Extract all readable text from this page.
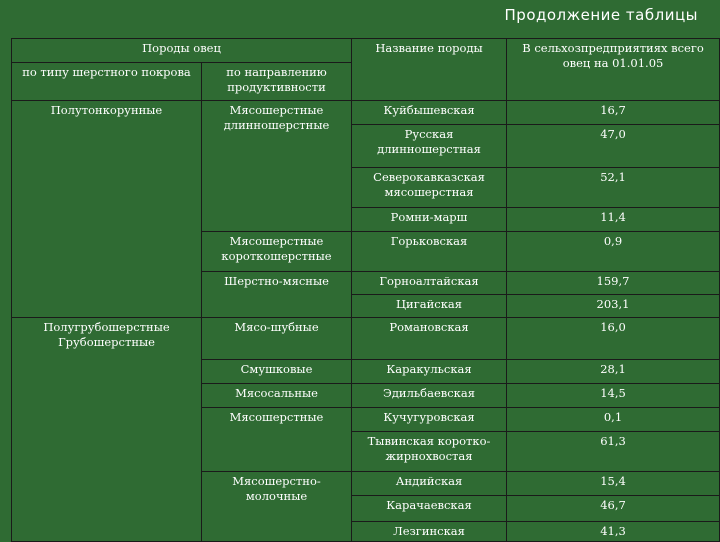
Продолжение таблицы
Породы овец		Название породы	В сельхозпредприятиях всего овец на 01.01.05
по типу шерстного покрова	по направлению продуктивности		
Полутонкорунные	Мясошерстные длинношерстные	Куйбышевская	16,7
		Русская длинношерстная	47,0
		Северокавказская мясошерстная	52,1
		Ромни-марш	11,4
	Мясошерстные короткошерстные	Горьковская	0,9
	Шерстно-мясные	Горноалтайская	159,7
		Цигайская	203,1
Полугрубошерстные Грубошерстные	Мясо-шубные	Романовская	16,0
	Смушковые	Каракульская	28,1
	Мясосальные	Эдильбаевская	14,5
	Мясошерстные	Кучугуровская	0,1
		Тывинская коротко-жирнохвостая	61,3
	Мясошерстно-молочные	Андийская	15,4
		Карачаевская	46,7
		Лезгинская	41,3
